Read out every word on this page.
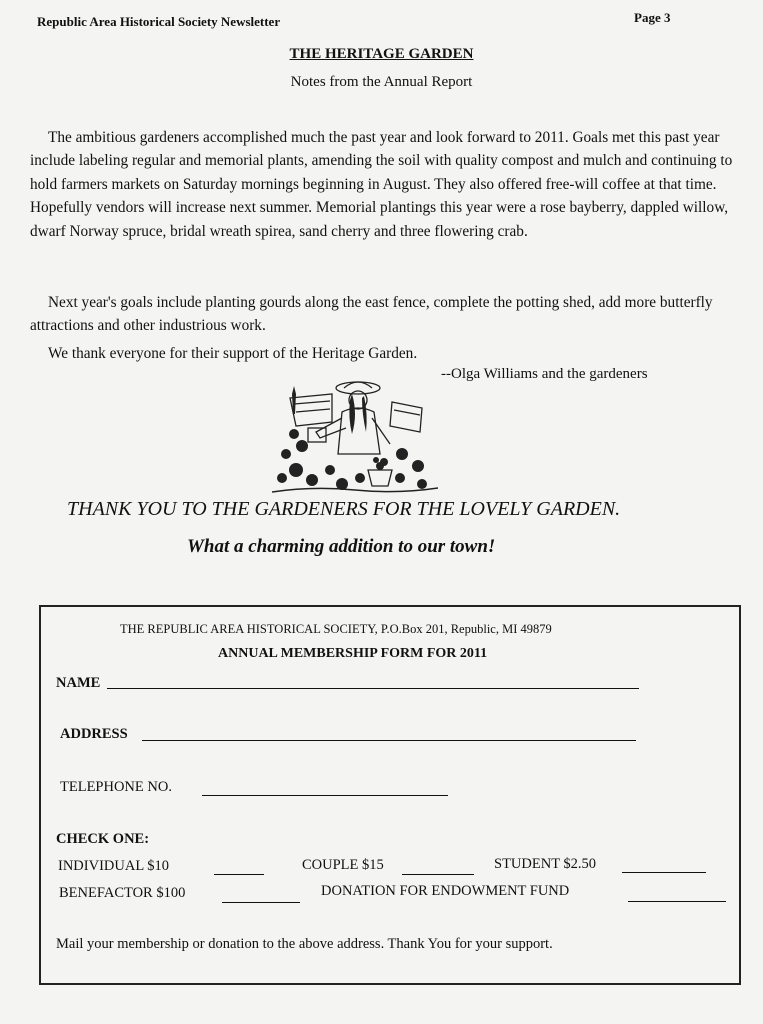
Republic Area Historical Society Newsletter	Page 3
THE HERITAGE GARDEN
Notes from the Annual Report
The ambitious gardeners accomplished much the past year and look forward to 2011. Goals met this past year include labeling regular and memorial plants, amending the soil with quality compost and mulch and continuing to hold farmers markets on Saturday mornings beginning in August. They also offered free-will coffee at that time. Hopefully vendors will increase next summer. Memorial plantings this year were a rose bayberry, dappled willow, dwarf Norway spruce, bridal wreath spirea, sand cherry and three flowering crab.
Next year's goals include planting gourds along the east fence, complete the potting shed, add more butterfly attractions and other industrious work.
We thank everyone for their support of the Heritage Garden.
--Olga Williams and the gardeners
THANK YOU TO THE GARDENERS FOR THE LOVELY GARDEN.
What a charming addition to our town!
THE REPUBLIC AREA HISTORICAL SOCIETY, P.O.Box 201, Republic, MI 49879
ANNUAL MEMBERSHIP FORM FOR 2011
NAME
ADDRESS
TELEPHONE NO.
CHECK ONE:
INDIVIDUAL $10	COUPLE $15	STUDENT $2.50
BENEFACTOR $100	DONATION FOR ENDOWMENT FUND
Mail your membership or donation to the above address. Thank You for your support.
